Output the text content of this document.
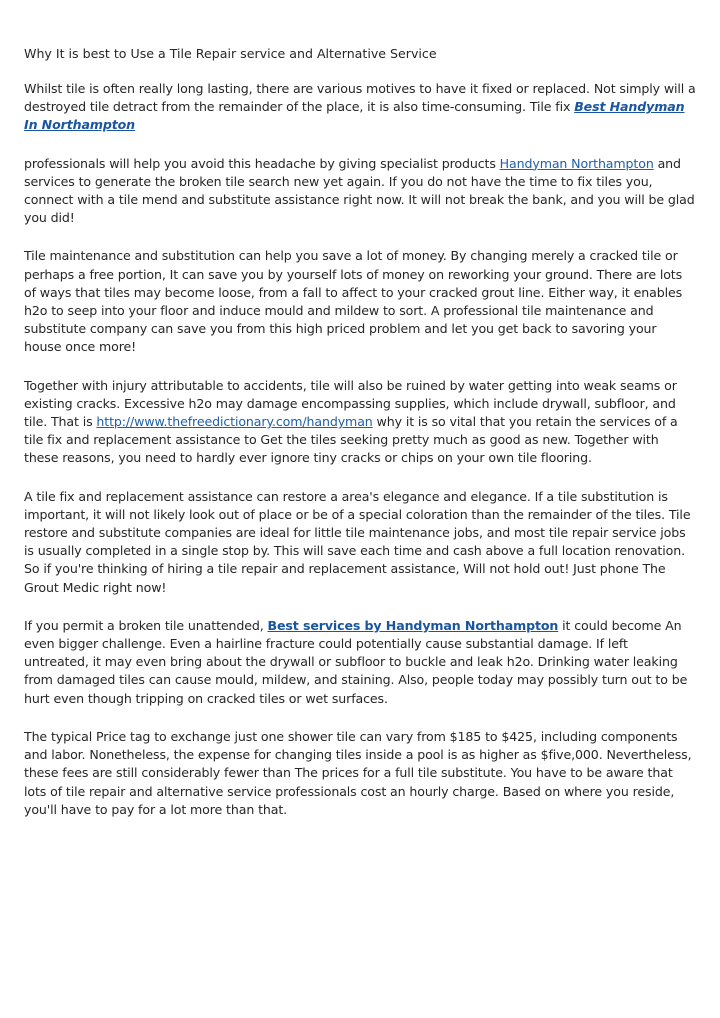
Why It is best to Use a Tile Repair service and Alternative Service

Whilst tile is often really long lasting, there are various motives to have it fixed or replaced. Not simply will a destroyed tile detract from the remainder of the place, it is also time-consuming. Tile fix Best Handyman In Northampton

professionals will help you avoid this headache by giving specialist products Handyman Northampton and services to generate the broken tile search new yet again. If you do not have the time to fix tiles you, connect with a tile mend and substitute assistance right now. It will not break the bank, and you will be glad you did!

Tile maintenance and substitution can help you save a lot of money. By changing merely a cracked tile or perhaps a free portion, It can save you by yourself lots of money on reworking your ground. There are lots of ways that tiles may become loose, from a fall to affect to your cracked grout line. Either way, it enables h2o to seep into your floor and induce mould and mildew to sort. A professional tile maintenance and substitute company can save you from this high priced problem and let you get back to savoring your house once more!

Together with injury attributable to accidents, tile will also be ruined by water getting into weak seams or existing cracks. Excessive h2o may damage encompassing supplies, which include drywall, subfloor, and tile. That is http://www.thefreedictionary.com/handyman why it is so vital that you retain the services of a tile fix and replacement assistance to Get the tiles seeking pretty much as good as new. Together with these reasons, you need to hardly ever ignore tiny cracks or chips on your own tile flooring.

A tile fix and replacement assistance can restore a area's elegance and elegance. If a tile substitution is important, it will not likely look out of place or be of a special coloration than the remainder of the tiles. Tile restore and substitute companies are ideal for little tile maintenance jobs, and most tile repair service jobs is usually completed in a single stop by. This will save each time and cash above a full location renovation. So if you're thinking of hiring a tile repair and replacement assistance, Will not hold out! Just phone The Grout Medic right now!

If you permit a broken tile unattended, Best services by Handyman Northampton it could become An even bigger challenge. Even a hairline fracture could potentially cause substantial damage. If left untreated, it may even bring about the drywall or subfloor to buckle and leak h2o. Drinking water leaking from damaged tiles can cause mould, mildew, and staining. Also, people today may possibly turn out to be hurt even though tripping on cracked tiles or wet surfaces.

The typical Price tag to exchange just one shower tile can vary from $185 to $425, including components and labor. Nonetheless, the expense for changing tiles inside a pool is as higher as $five,000. Nevertheless, these fees are still considerably fewer than The prices for a full tile substitute. You have to be aware that lots of tile repair and alternative service professionals cost an hourly charge. Based on where you reside, you'll have to pay for a lot more than that.
